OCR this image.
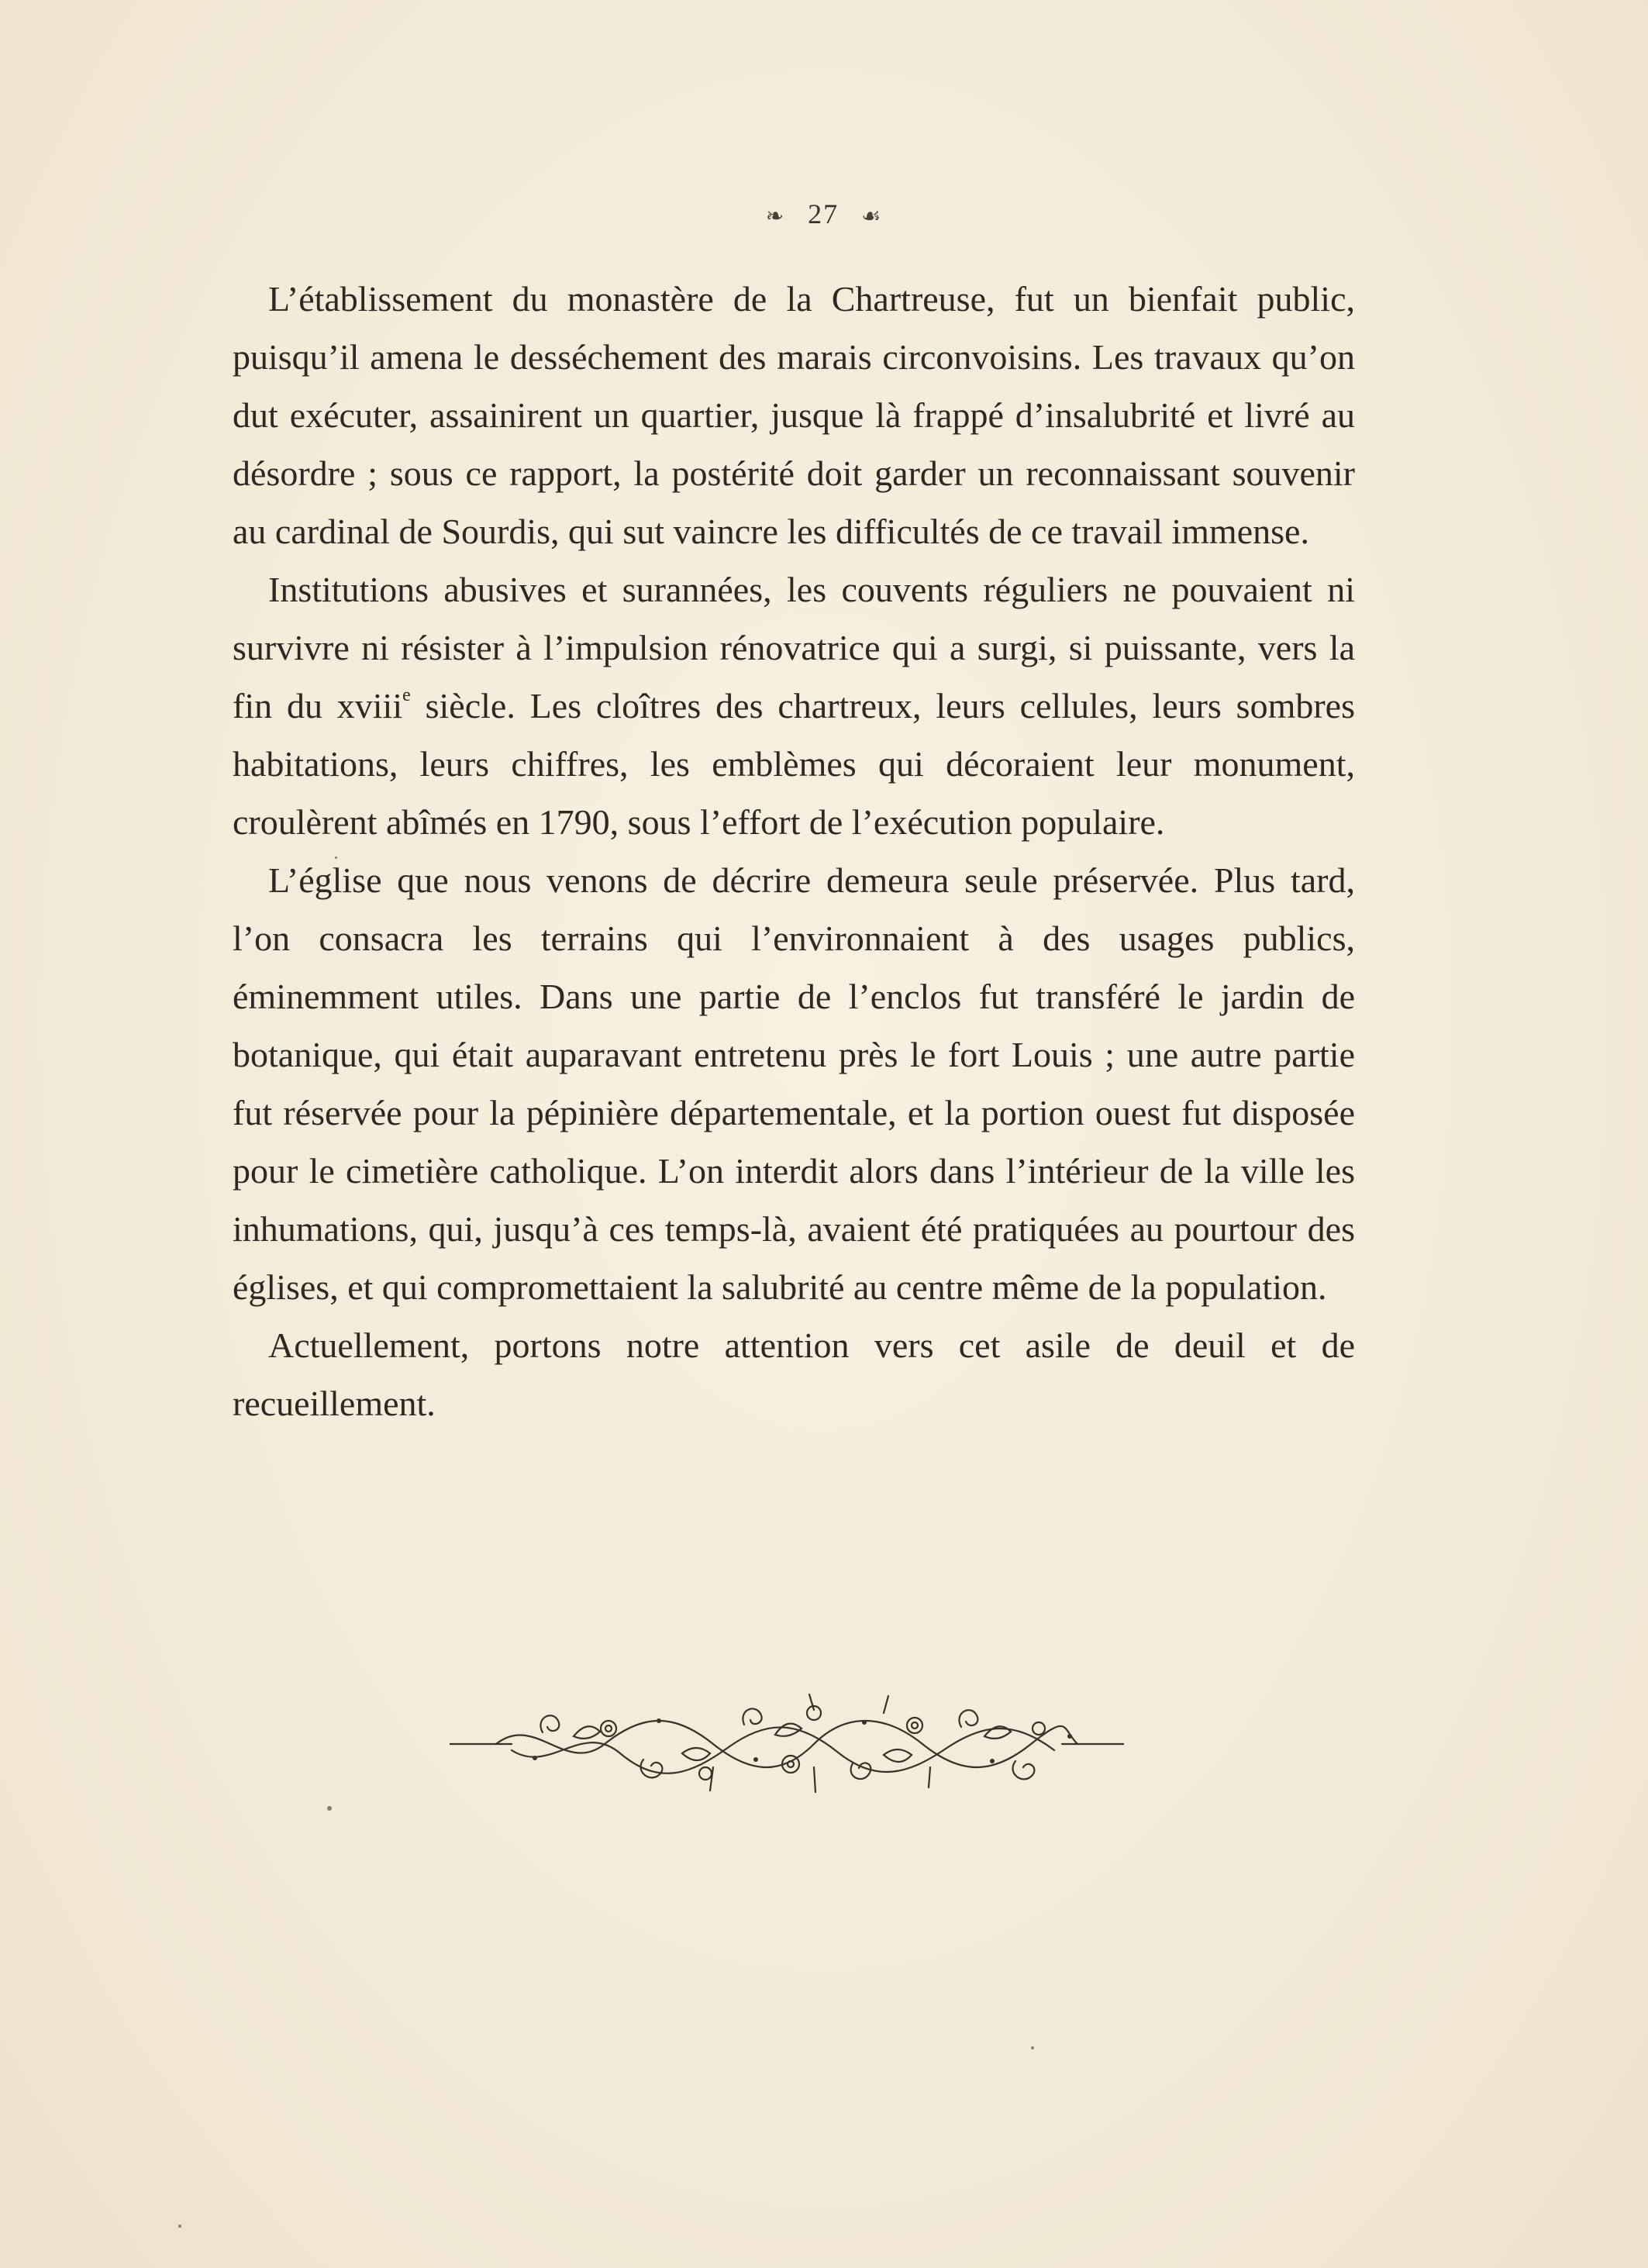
❧ 27 ☙

L’établissement du monastère de la Chartreuse, fut un bienfait public, puisqu’il amena le desséchement des marais circonvoisins. Les travaux qu’on dut exécuter, assainirent un quartier, jusque là frappé d’insalubrité et livré au désordre ; sous ce rapport, la postérité doit garder un reconnaissant souvenir au cardinal de Sourdis, qui sut vaincre les difficultés de ce travail immense.

Institutions abusives et surannées, les couvents réguliers ne pouvaient ni survivre ni résister à l’impulsion rénovatrice qui a surgi, si puissante, vers la fin du xviii$^e$ siècle. Les cloîtres des chartreux, leurs cellules, leurs sombres habitations, leurs chiffres, les emblèmes qui décoraient leur monument, croulèrent abîmés en 1790, sous l’effort de l’exécution populaire.

L’église que nous venons de décrire demeura seule préservée. Plus tard, l’on consacra les terrains qui l’environnaient à des usages publics, éminemment utiles. Dans une partie de l’enclos fut transféré le jardin de botanique, qui était auparavant entretenu près le fort Louis ; une autre partie fut réservée pour la pépinière départementale, et la portion ouest fut disposée pour le cimetière catholique. L’on interdit alors dans l’intérieur de la ville les inhumations, qui, jusqu’à ces temps-là, avaient été pratiquées au pourtour des églises, et qui compromettaient la salubrité au centre même de la population.

Actuellement, portons notre attention vers cet asile de deuil et de recueillement.
